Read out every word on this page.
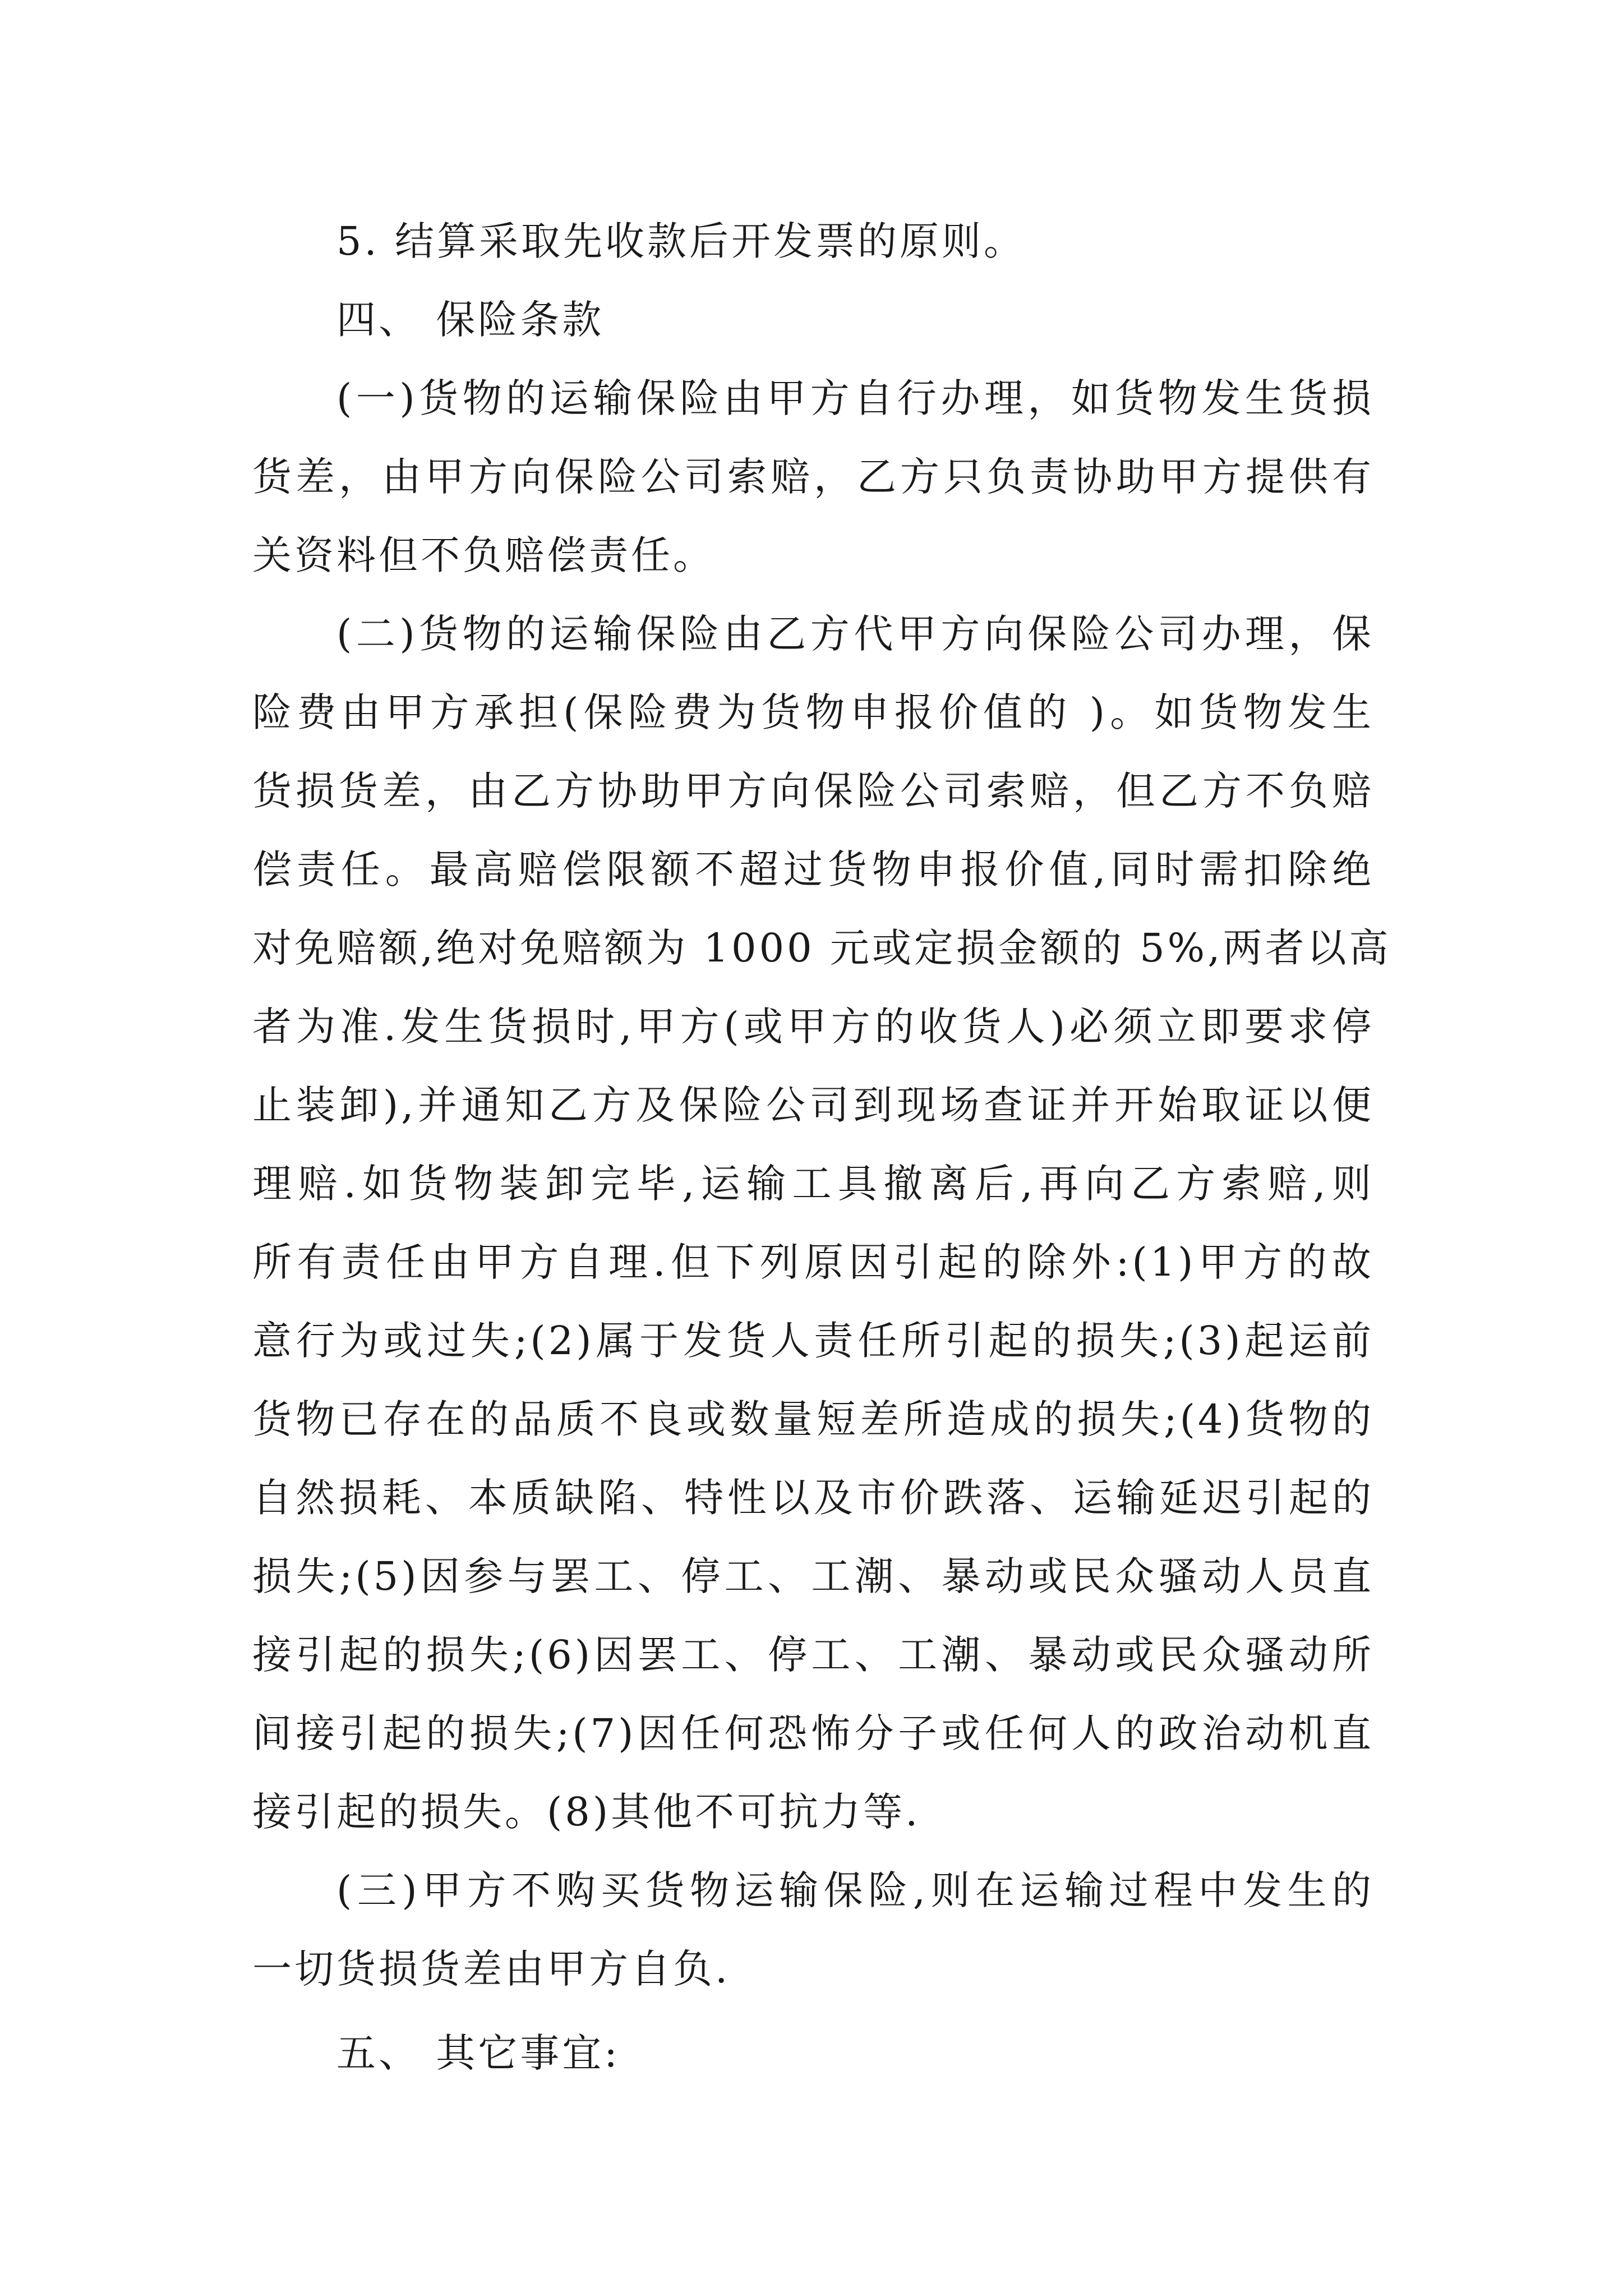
5. 结算采取先收款后开发票的原则。
四、 保险条款
(一)货物的运输保险由甲方自行办理，如货物发生货损
货差，由甲方向保险公司索赔，乙方只负责协助甲方提供有
关资料但不负赔偿责任。
(二)货物的运输保险由乙方代甲方向保险公司办理，保
险费由甲方承担(保险费为货物申报价值的 )。如货物发生
货损货差，由乙方协助甲方向保险公司索赔，但乙方不负赔
偿责任。最高赔偿限额不超过货物申报价值,同时需扣除绝
对免赔额,绝对免赔额为 1000 元或定损金额的 5%,两者以高
者为准.发生货损时,甲方(或甲方的收货人)必须立即要求停
止装卸),并通知乙方及保险公司到现场查证并开始取证以便
理赔.如货物装卸完毕,运输工具撤离后,再向乙方索赔,则
所有责任由甲方自理.但下列原因引起的除外:(1)甲方的故
意行为或过失;(2)属于发货人责任所引起的损失;(3)起运前
货物已存在的品质不良或数量短差所造成的损失;(4)货物的
自然损耗、本质缺陷、特性以及市价跌落、运输延迟引起的
损失;(5)因参与罢工、停工、工潮、暴动或民众骚动人员直
接引起的损失;(6)因罢工、停工、工潮、暴动或民众骚动所
间接引起的损失;(7)因任何恐怖分子或任何人的政治动机直
接引起的损失。(8)其他不可抗力等.
(三)甲方不购买货物运输保险,则在运输过程中发生的
一切货损货差由甲方自负.
五、 其它事宜:
